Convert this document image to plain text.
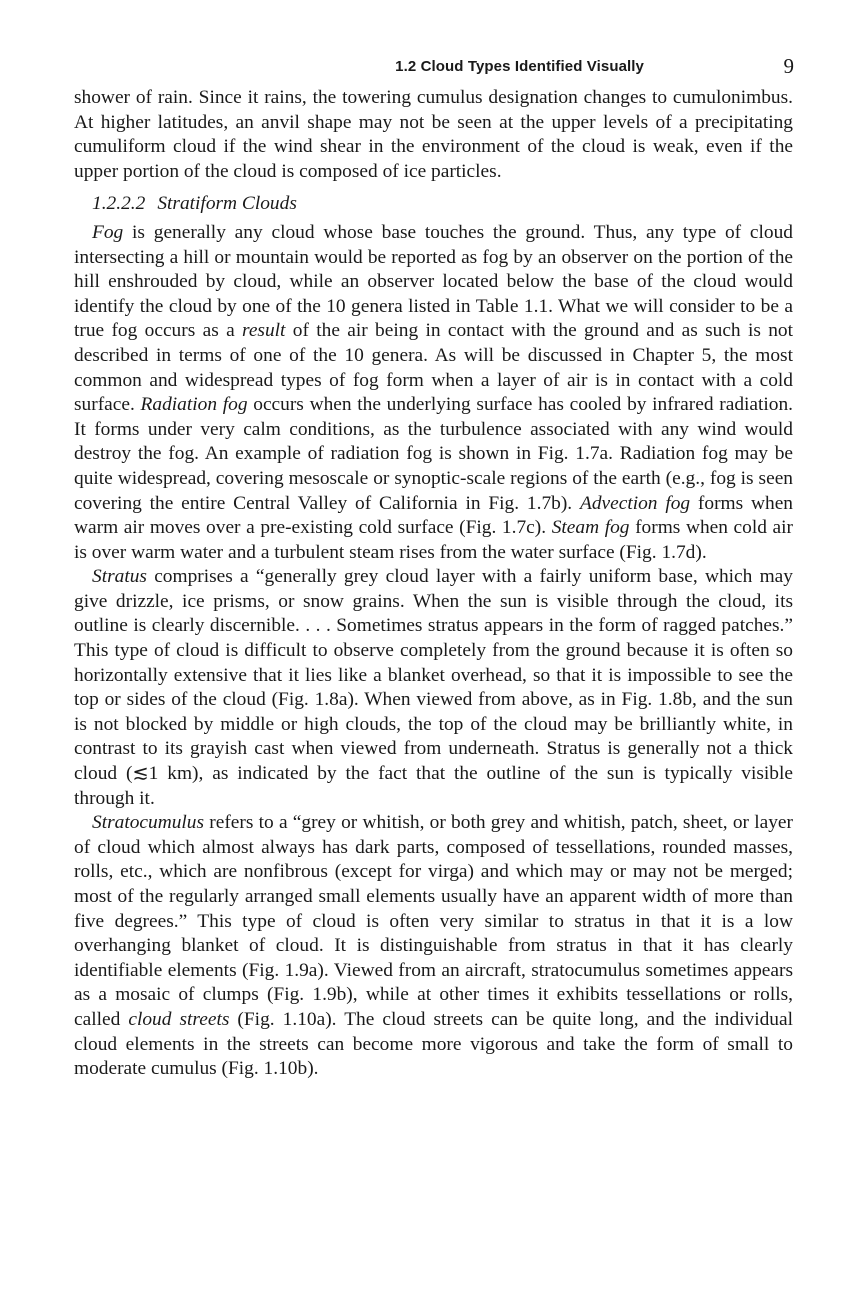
1.2 Cloud Types Identified Visually	9

shower of rain. Since it rains, the towering cumulus designation changes to cumulonimbus. At higher latitudes, an anvil shape may not be seen at the upper levels of a precipitating cumuliform cloud if the wind shear in the environment of the cloud is weak, even if the upper portion of the cloud is composed of ice particles.

1.2.2.2 Stratiform Clouds

Fog is generally any cloud whose base touches the ground. Thus, any type of cloud intersecting a hill or mountain would be reported as fog by an observer on the portion of the hill enshrouded by cloud, while an observer located below the base of the cloud would identify the cloud by one of the 10 genera listed in Table 1.1. What we will consider to be a true fog occurs as a result of the air being in contact with the ground and as such is not described in terms of one of the 10 genera. As will be discussed in Chapter 5, the most common and widespread types of fog form when a layer of air is in contact with a cold surface. Radiation fog occurs when the underlying surface has cooled by infrared radiation. It forms under very calm conditions, as the turbulence associated with any wind would destroy the fog. An example of radiation fog is shown in Fig. 1.7a. Radiation fog may be quite widespread, covering mesoscale or synoptic-scale regions of the earth (e.g., fog is seen covering the entire Central Valley of California in Fig. 1.7b). Advection fog forms when warm air moves over a pre-existing cold surface (Fig. 1.7c). Steam fog forms when cold air is over warm water and a turbulent steam rises from the water surface (Fig. 1.7d).

Stratus comprises a “generally grey cloud layer with a fairly uniform base, which may give drizzle, ice prisms, or snow grains. When the sun is visible through the cloud, its outline is clearly discernible. . . . Sometimes stratus appears in the form of ragged patches.” This type of cloud is difficult to observe completely from the ground because it is often so horizontally extensive that it lies like a blanket overhead, so that it is impossible to see the top or sides of the cloud (Fig. 1.8a). When viewed from above, as in Fig. 1.8b, and the sun is not blocked by middle or high clouds, the top of the cloud may be brilliantly white, in contrast to its grayish cast when viewed from underneath. Stratus is generally not a thick cloud (≲1 km), as indicated by the fact that the outline of the sun is typically visible through it.

Stratocumulus refers to a “grey or whitish, or both grey and whitish, patch, sheet, or layer of cloud which almost always has dark parts, composed of tessellations, rounded masses, rolls, etc., which are nonfibrous (except for virga) and which may or may not be merged; most of the regularly arranged small elements usually have an apparent width of more than five degrees.” This type of cloud is often very similar to stratus in that it is a low overhanging blanket of cloud. It is distinguishable from stratus in that it has clearly identifiable elements (Fig. 1.9a). Viewed from an aircraft, stratocumulus sometimes appears as a mosaic of clumps (Fig. 1.9b), while at other times it exhibits tessellations or rolls, called cloud streets (Fig. 1.10a). The cloud streets can be quite long, and the individual cloud elements in the streets can become more vigorous and take the form of small to moderate cumulus (Fig. 1.10b).
